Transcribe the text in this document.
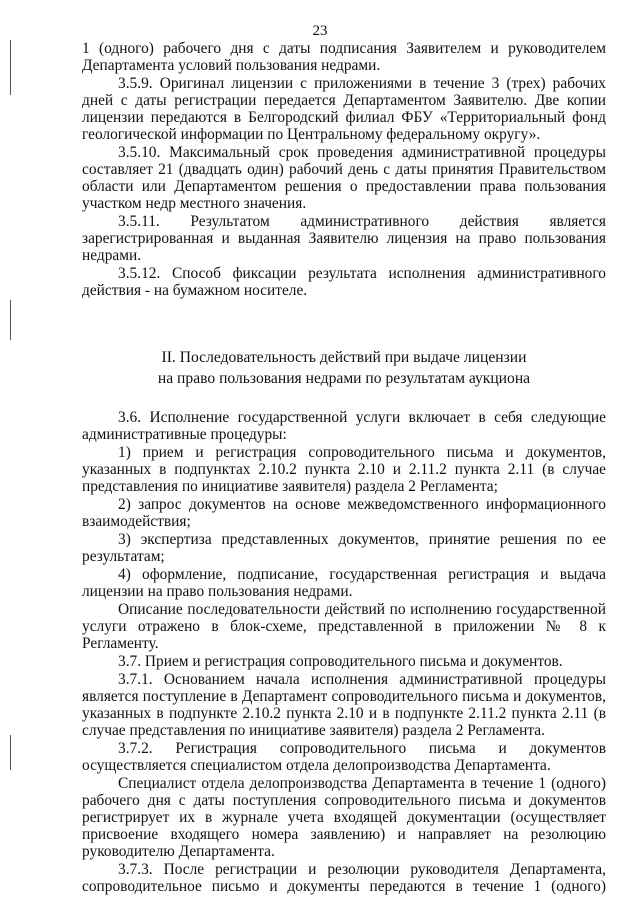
23

1 (одного) рабочего дня с даты подписания Заявителем и руководителем Департамента условий пользования недрами.

3.5.9. Оригинал лицензии с приложениями в течение 3 (трех) рабочих дней с даты регистрации передается Департаментом Заявителю. Две копии лицензии передаются в Белгородский филиал ФБУ «Территориальный фонд геологической информации по Центральному федеральному округу».

3.5.10. Максимальный срок проведения административной процедуры составляет 21 (двадцать один) рабочий день с даты принятия Правительством области или Департаментом решения о предоставлении права пользования участком недр местного значения.

3.5.11. Результатом административного действия является зарегистрированная и выданная Заявителю лицензия на право пользования недрами.

3.5.12. Способ фиксации результата исполнения административного действия - на бумажном носителе.

II. Последовательность действий при выдаче лицензии

на право пользования недрами по результатам аукциона

3.6. Исполнение государственной услуги включает в себя следующие административные процедуры:

1) прием и регистрация сопроводительного письма и документов, указанных в подпунктах 2.10.2 пункта 2.10 и 2.11.2 пункта 2.11 (в случае представления по инициативе заявителя) раздела 2 Регламента;

2) запрос документов на основе межведомственного информационного взаимодействия;

3) экспертиза представленных документов, принятие решения по ее результатам;

4) оформление, подписание, государственная регистрация и выдача лицензии на право пользования недрами.

Описание последовательности действий по исполнению государственной услуги отражено в блок-схеме, представленной в приложении № 8 к Регламенту.

3.7. Прием и регистрация сопроводительного письма и документов.

3.7.1. Основанием начала исполнения административной процедуры является поступление в Департамент сопроводительного письма и документов, указанных в подпункте 2.10.2 пункта 2.10 и в подпункте 2.11.2 пункта 2.11 (в случае представления по инициативе заявителя) раздела 2 Регламента.

3.7.2. Регистрация сопроводительного письма и документов осуществляется специалистом отдела делопроизводства Департамента.

Специалист отдела делопроизводства Департамента в течение 1 (одного) рабочего дня с даты поступления сопроводительного письма и документов регистрирует их в журнале учета входящей документации (осуществляет присвоение входящего номера заявлению) и направляет на резолюцию руководителю Департамента.

3.7.3. После регистрации и резолюции руководителя Департамента, сопроводительное письмо и документы передаются в течение 1 (одного)
